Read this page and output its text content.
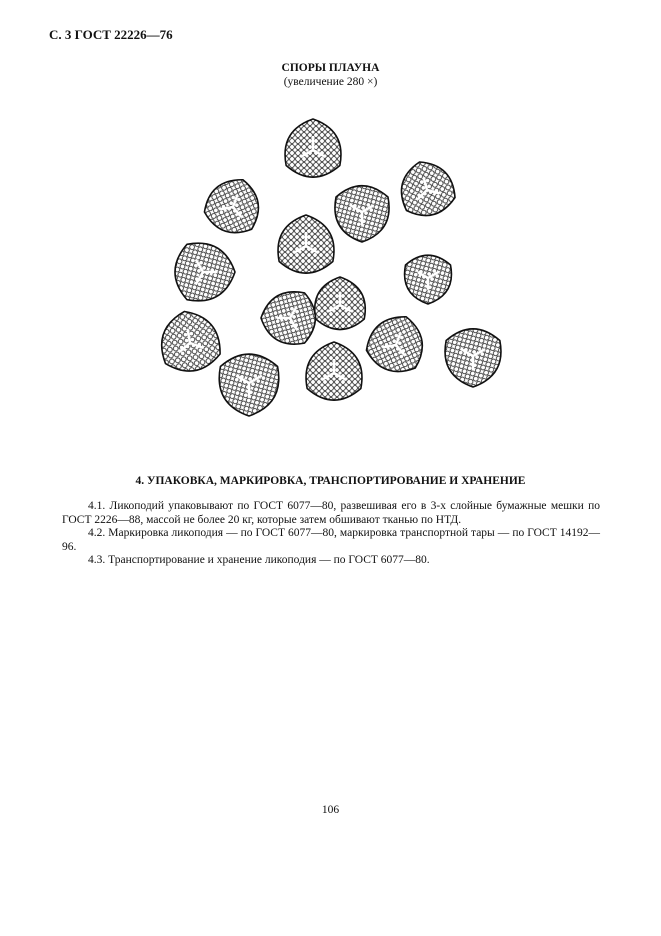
С. 3 ГОСТ 22226—76
СПОРЫ ПЛАУНА
(увеличение 280 ×)
4. УПАКОВКА, МАРКИРОВКА, ТРАНСПОРТИРОВАНИЕ И ХРАНЕНИЕ

4.1. Ликоподий упаковывают по ГОСТ 6077—80, развешивая его в 3-х слойные бумажные мешки по ГОСТ 2226—88, массой не более 20 кг, которые затем обшивают тканью по НТД.

4.2. Маркировка ликоподия — по ГОСТ 6077—80, маркировка транспортной тары — по ГОСТ 14192—96.

4.3. Транспортирование и хранение ликоподия — по ГОСТ 6077—80.

106
